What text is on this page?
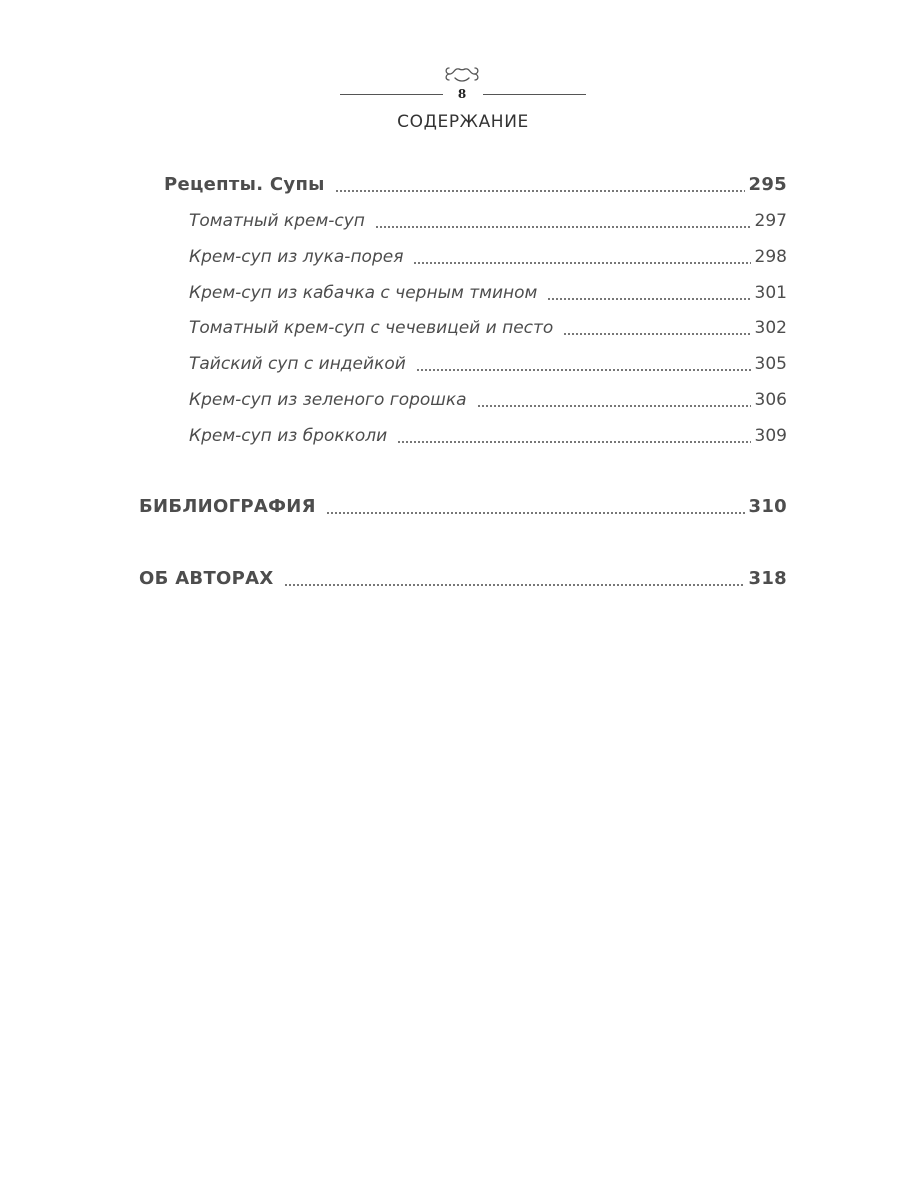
8
СОДЕРЖАНИЕ
Рецепты. Супы	295
Томатный крем-суп	297
Крем-суп из лука-порея	298
Крем-суп из кабачка с черным тмином	301
Томатный крем-суп с чечевицей и песто	302
Тайский суп с индейкой	305
Крем-суп из зеленого горошка	306
Крем-суп из брокколи	309
БИБЛИОГРАФИЯ	310
ОБ АВТОРАХ	318
